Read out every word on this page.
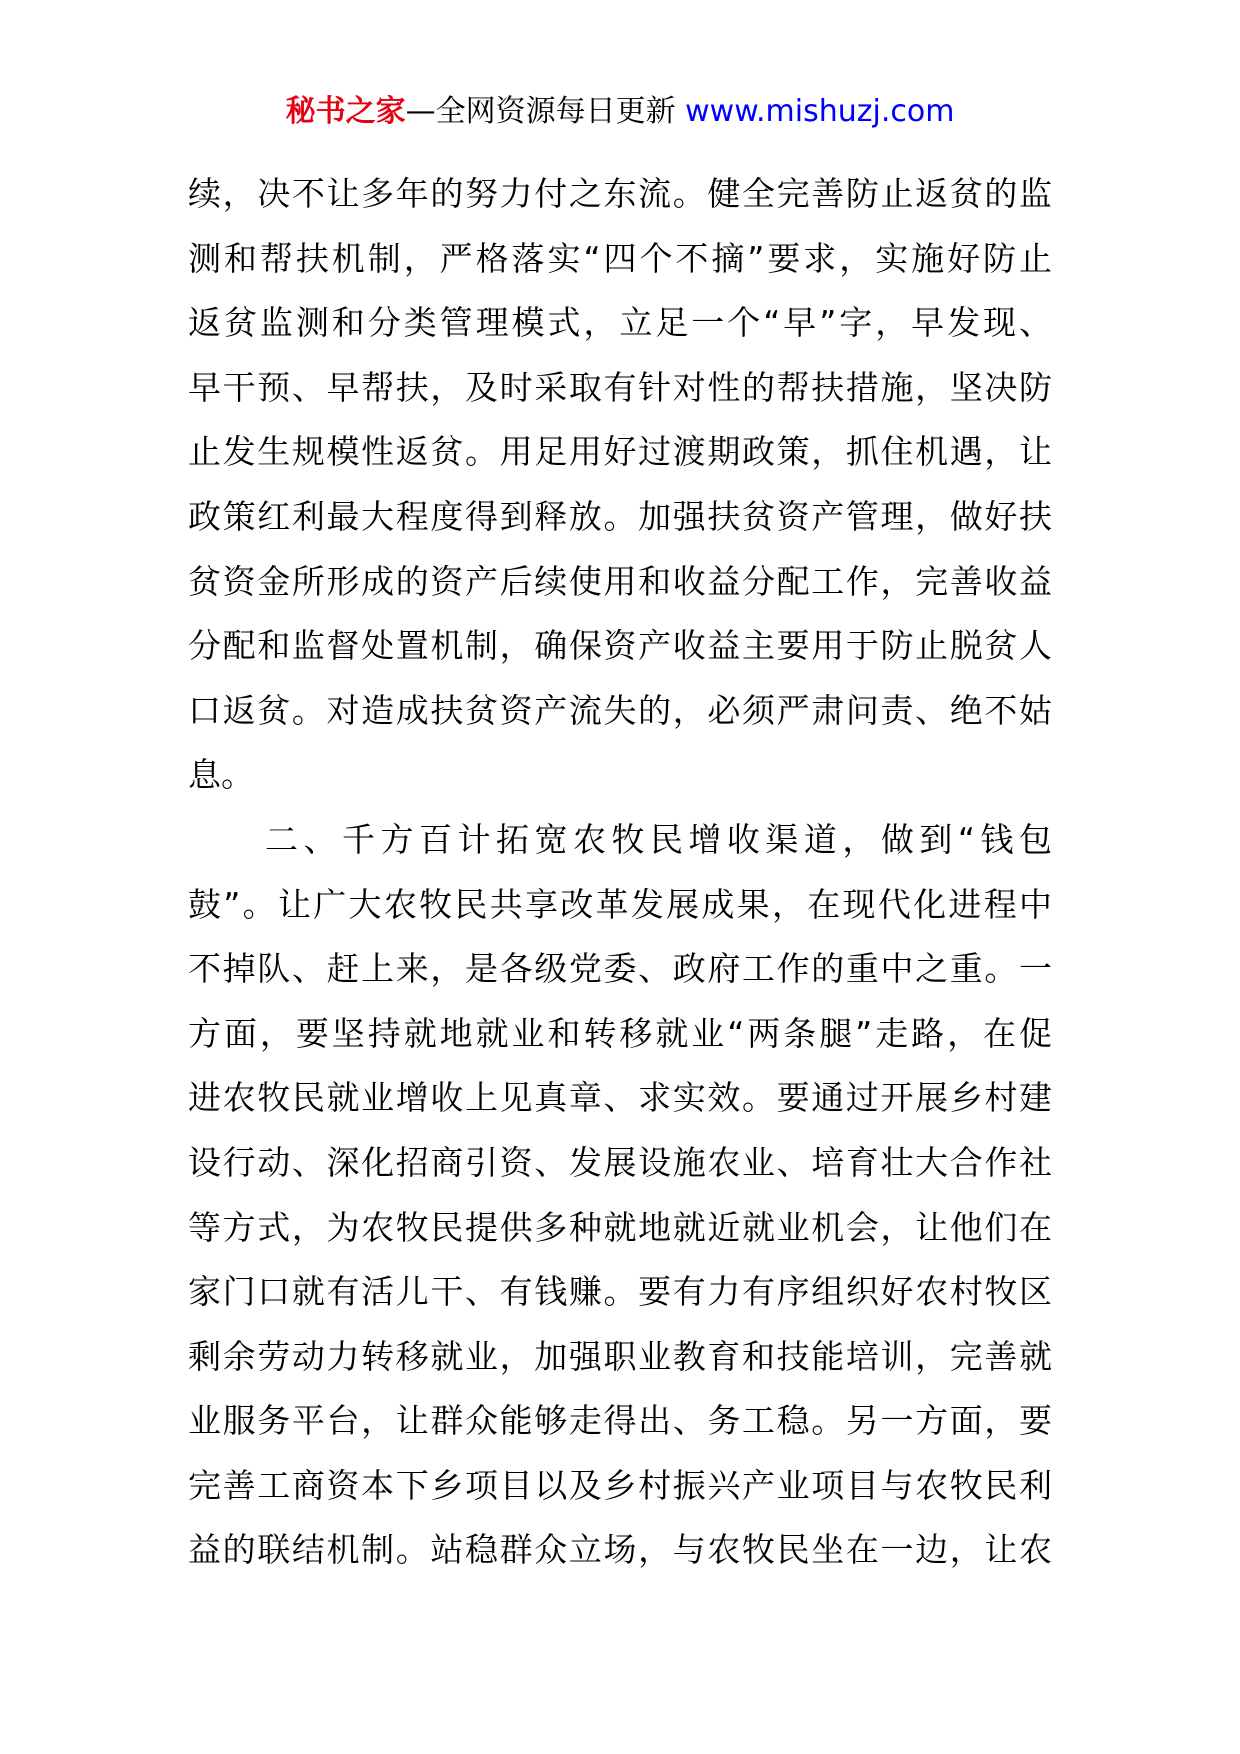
秘书之家—全网资源每日更新 www.mishuzj.com
续，决不让多年的努力付之东流。健全完善防止返贫的监
测和帮扶机制，严格落实“四个不摘”要求，实施好防止
返贫监测和分类管理模式，立足一个“早”字，早发现、
早干预、早帮扶，及时采取有针对性的帮扶措施，坚决防
止发生规模性返贫。用足用好过渡期政策，抓住机遇，让
政策红利最大程度得到释放。加强扶贫资产管理，做好扶
贫资金所形成的资产后续使用和收益分配工作，完善收益
分配和监督处置机制，确保资产收益主要用于防止脱贫人
口返贫。对造成扶贫资产流失的，必须严肃问责、绝不姑
息。
　　二、千方百计拓宽农牧民增收渠道，做到“钱包
鼓”。让广大农牧民共享改革发展成果，在现代化进程中
不掉队、赶上来，是各级党委、政府工作的重中之重。一
方面，要坚持就地就业和转移就业“两条腿”走路，在促
进农牧民就业增收上见真章、求实效。要通过开展乡村建
设行动、深化招商引资、发展设施农业、培育壮大合作社
等方式，为农牧民提供多种就地就近就业机会，让他们在
家门口就有活儿干、有钱赚。要有力有序组织好农村牧区
剩余劳动力转移就业，加强职业教育和技能培训，完善就
业服务平台，让群众能够走得出、务工稳。另一方面，要
完善工商资本下乡项目以及乡村振兴产业项目与农牧民利
益的联结机制。站稳群众立场，与农牧民坐在一边，让农
